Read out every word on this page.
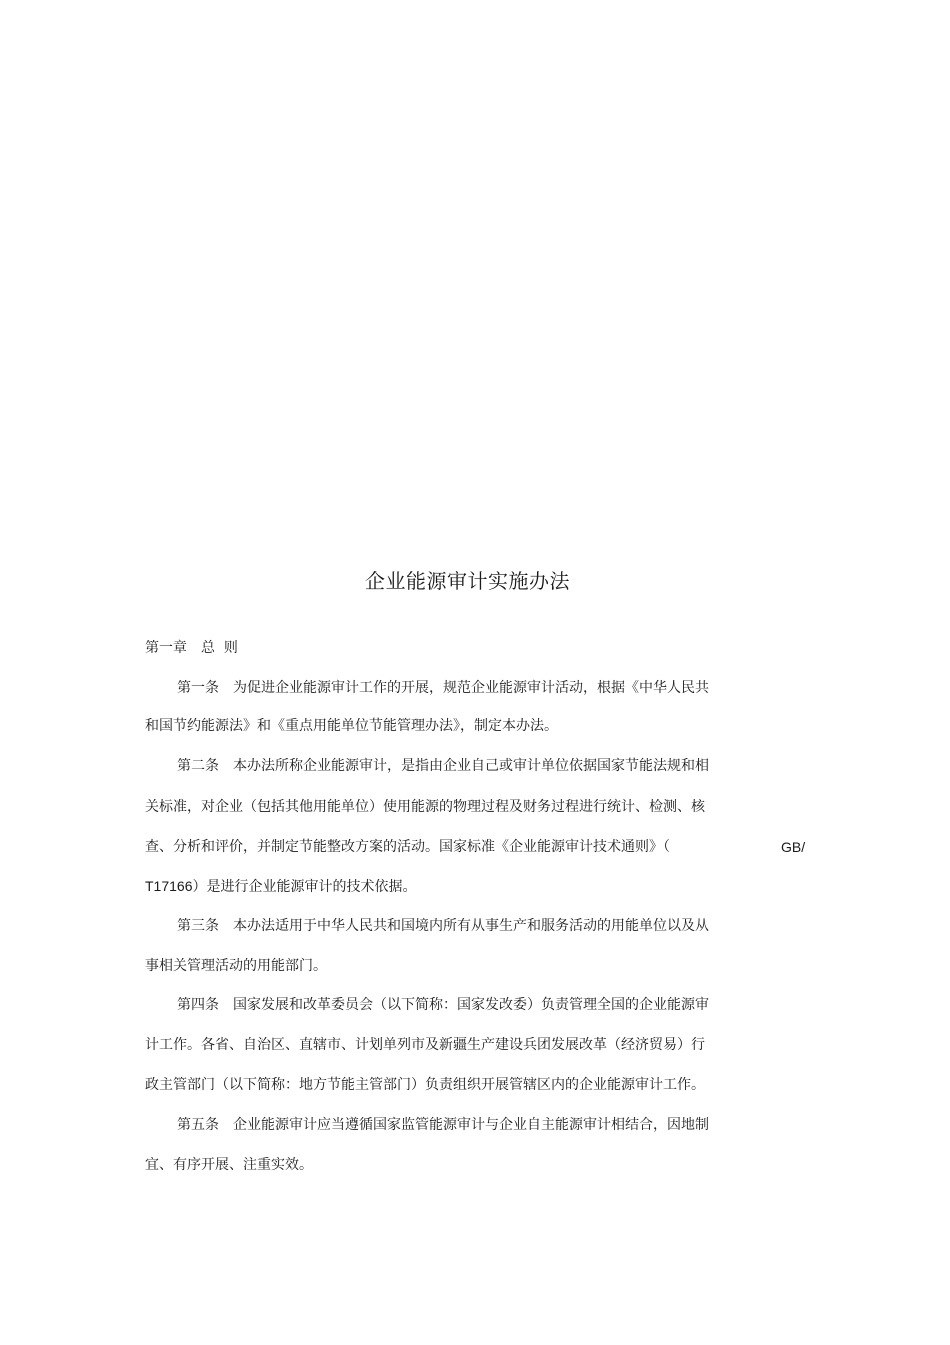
企业能源审计实施办法
第一章 总  则
第一条 为促进企业能源审计工作的开展，规范企业能源审计活动，根据《中华人民共
和国节约能源法》和《重点用能单位节能管理办法》，制定本办法。
第二条 本办法所称企业能源审计，是指由企业自己或审计单位依据国家节能法规和相
关标准，对企业（包括其他用能单位）使用能源的物理过程及财务过程进行统计、检测、核
查、分析和评价，并制定节能整改方案的活动。国家标准《企业能源审计技术通则》（	GB/
T17166）是进行企业能源审计的技术依据。
第三条 本办法适用于中华人民共和国境内所有从事生产和服务活动的用能单位以及从
事相关管理活动的用能部门。
第四条 国家发展和改革委员会（以下简称：国家发改委）负责管理全国的企业能源审
计工作。各省、自治区、直辖市、计划单列市及新疆生产建设兵团发展改革（经济贸易）行
政主管部门（以下简称：地方节能主管部门）负责组织开展管辖区内的企业能源审计工作。
第五条 企业能源审计应当遵循国家监管能源审计与企业自主能源审计相结合，因地制
宜、有序开展、注重实效。
